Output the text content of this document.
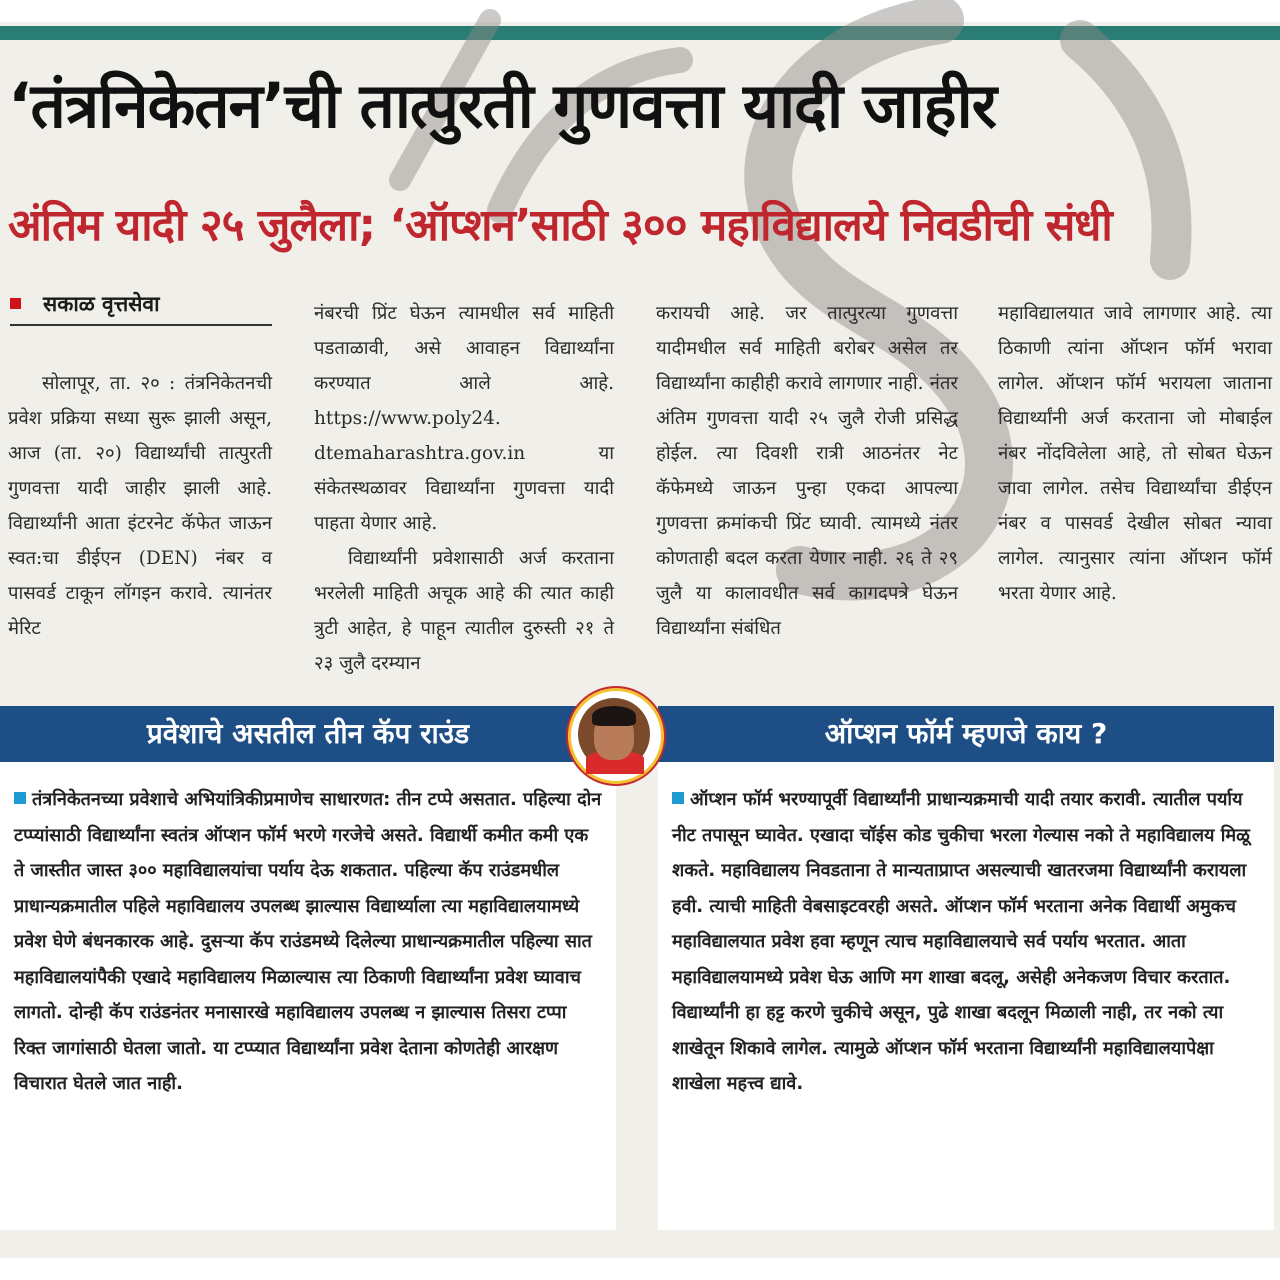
‘तंत्रनिकेतन’ची तात्पुरती गुणवत्ता यादी जाहीर
अंतिम यादी २५ जुलैला; ‘ऑप्शन’साठी ३०० महाविद्यालये निवडीची संधी
सकाळ वृत्तसेवा

सोलापूर, ता. २० : तंत्रनिकेतनची प्रवेश प्रक्रिया सध्या सुरू झाली असून, आज (ता. २०) विद्यार्थ्यांची तात्पुरती गुणवत्ता यादी जाहीर झाली आहे. विद्यार्थ्यांनी आता इंटरनेट कॅफेत जाऊन स्वत:चा डीईएन (DEN) नंबर व पासवर्ड टाकून लॉगइन करावे. त्यानंतर मेरिट

नंबरची प्रिंट घेऊन त्यामधील सर्व माहिती पडताळावी, असे आवाहन विद्यार्थ्यांना करण्यात आले आहे. https://www.poly24. dtemaharashtra.gov.in या संकेतस्थळावर विद्यार्थ्यांना गुणवत्ता यादी पाहता येणार आहे.

विद्यार्थ्यांनी प्रवेशासाठी अर्ज करताना भरलेली माहिती अचूक आहे की त्यात काही त्रुटी आहेत, हे पाहून त्यातील दुरुस्ती २१ ते २३ जुलै दरम्यान

करायची आहे. जर तात्पुरत्या गुणवत्ता यादीमधील सर्व माहिती बरोबर असेल तर विद्यार्थ्यांना काहीही करावे लागणार नाही. नंतर अंतिम गुणवत्ता यादी २५ जुलै रोजी प्रसिद्ध होईल. त्या दिवशी रात्री आठनंतर नेट कॅफेमध्ये जाऊन पुन्हा एकदा आपल्या गुणवत्ता क्रमांकची प्रिंट घ्यावी. त्यामध्ये नंतर कोणताही बदल करता येणार नाही. २६ ते २९ जुलै या कालावधीत सर्व कागदपत्रे घेऊन विद्यार्थ्यांना संबंधित

महाविद्यालयात जावे लागणार आहे. त्या ठिकाणी त्यांना ऑप्शन फॉर्म भरावा लागेल. ऑप्शन फॉर्म भरायला जाताना विद्यार्थ्यांनी अर्ज करताना जो मोबाईल नंबर नोंदविलेला आहे, तो सोबत घेऊन जावा लागेल. तसेच विद्यार्थ्यांचा डीईएन नंबर व पासवर्ड देखील सोबत न्यावा लागेल. त्यानुसार त्यांना ऑप्शन फॉर्म भरता येणार आहे.

प्रवेशाचे असतील तीन कॅप राउंड
तंत्रनिकेतनच्या प्रवेशाचे अभियांत्रिकीप्रमाणेच साधारणत: तीन टप्पे असतात. पहिल्या दोन टप्प्यांसाठी विद्यार्थ्यांना स्वतंत्र ऑप्शन फॉर्म भरणे गरजेचे असते. विद्यार्थी कमीत कमी एक ते जास्तीत जास्त ३०० महाविद्यालयांचा पर्याय देऊ शकतात. पहिल्या कॅप राउंडमधील प्राधान्यक्रमातील पहिले महाविद्यालय उपलब्ध झाल्यास विद्यार्थ्याला त्या महाविद्यालयामध्ये प्रवेश घेणे बंधनकारक आहे. दुसऱ्या कॅप राउंडमध्ये दिलेल्या प्राधान्यक्रमातील पहिल्या सात महाविद्यालयांपैकी एखादे महाविद्यालय मिळाल्यास त्या ठिकाणी विद्यार्थ्यांना प्रवेश घ्यावाच लागतो. दोन्ही कॅप राउंडनंतर मनासारखे महाविद्यालय उपलब्ध न झाल्यास तिसरा टप्पा रिक्त जागांसाठी घेतला जातो. या टप्प्यात विद्यार्थ्यांना प्रवेश देताना कोणतेही आरक्षण विचारात घेतले जात नाही.
ऑप्शन फॉर्म म्हणजे काय ?
ऑप्शन फॉर्म भरण्यापूर्वी विद्यार्थ्यांनी प्राधान्यक्रमाची यादी तयार करावी. त्यातील पर्याय नीट तपासून घ्यावेत. एखादा चॉईस कोड चुकीचा भरला गेल्यास नको ते महाविद्यालय मिळू शकते. महाविद्यालय निवडताना ते मान्यताप्राप्त असल्याची खातरजमा विद्यार्थ्यांनी करायला हवी. त्याची माहिती वेबसाइटवरही असते. ऑप्शन फॉर्म भरताना अनेक विद्यार्थी अमुकच महाविद्यालयात प्रवेश हवा म्हणून त्याच महाविद्यालयाचे सर्व पर्याय भरतात. आता महाविद्यालयामध्ये प्रवेश घेऊ आणि मग शाखा बदलू, असेही अनेकजण विचार करतात. विद्यार्थ्यांनी हा हट्ट करणे चुकीचे असून, पुढे शाखा बदलून मिळाली नाही, तर नको त्या शाखेतून शिकावे लागेल. त्यामुळे ऑप्शन फॉर्म भरताना विद्यार्थ्यांनी महाविद्यालयापेक्षा शाखेला महत्त्व द्यावे.
